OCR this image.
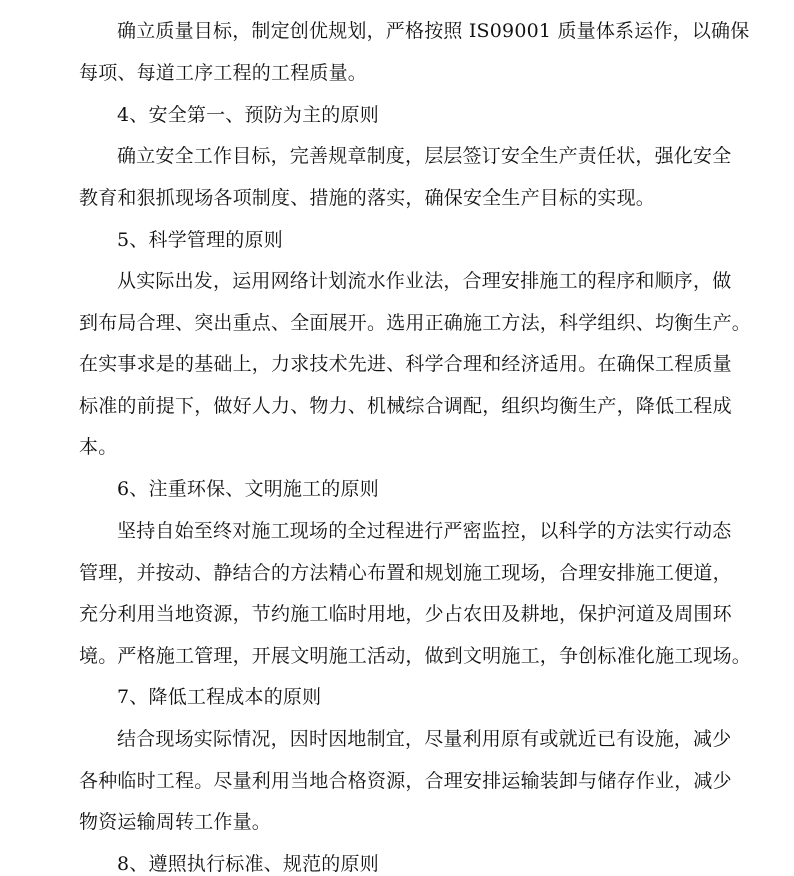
确立质量目标，制定创优规划，严格按照 IS09001 质量体系运作，以确保
每项、每道工序工程的工程质量。
4、安全第一、预防为主的原则
确立安全工作目标，完善规章制度，层层签订安全生产责任状，强化安全
教育和狠抓现场各项制度、措施的落实，确保安全生产目标的实现。
5、科学管理的原则
从实际出发，运用网络计划流水作业法，合理安排施工的程序和顺序，做
到布局合理、突出重点、全面展开。选用正确施工方法，科学组织、均衡生产。
在实事求是的基础上，力求技术先进、科学合理和经济适用。在确保工程质量
标准的前提下，做好人力、物力、机械综合调配，组织均衡生产，降低工程成
本。
6、注重环保、文明施工的原则
坚持自始至终对施工现场的全过程进行严密监控，以科学的方法实行动态
管理，并按动、静结合的方法精心布置和规划施工现场，合理安排施工便道，
充分利用当地资源，节约施工临时用地，少占农田及耕地，保护河道及周围环
境。严格施工管理，开展文明施工活动，做到文明施工，争创标准化施工现场。
7、降低工程成本的原则
结合现场实际情况，因时因地制宜，尽量利用原有或就近已有设施，减少
各种临时工程。尽量利用当地合格资源，合理安排运输装卸与储存作业，减少
物资运输周转工作量。
8、遵照执行标准、规范的原则
